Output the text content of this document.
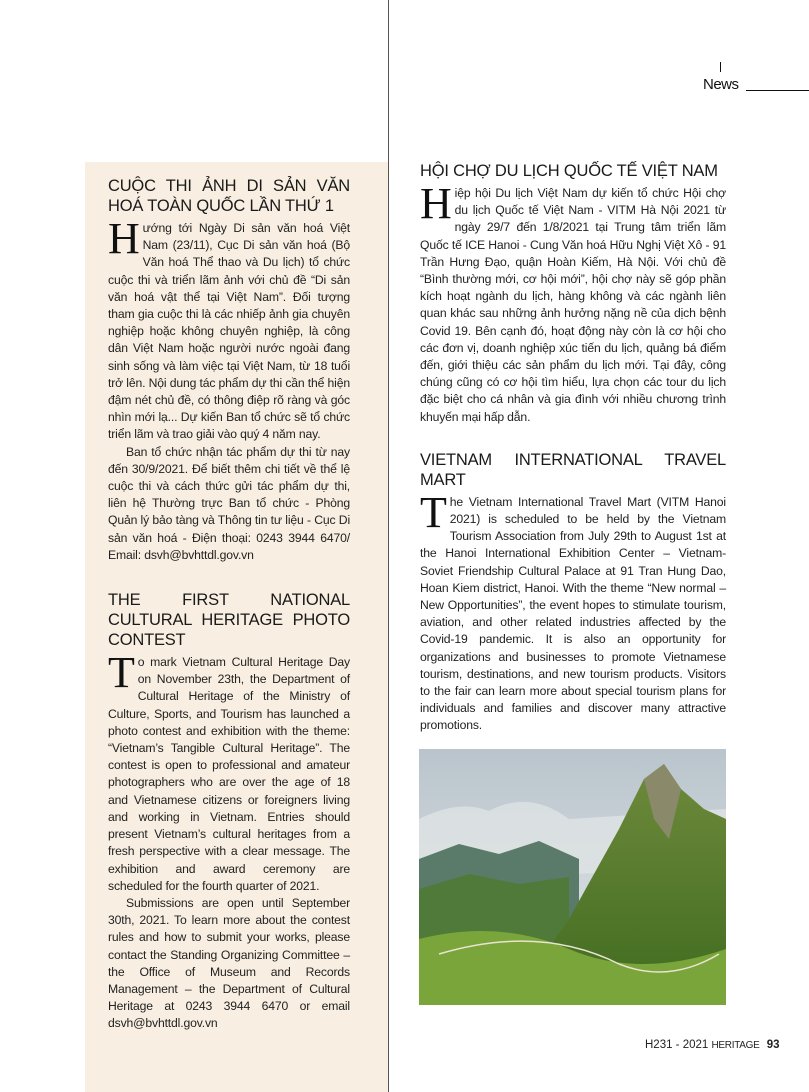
News
CUỘC THI ẢNH DI SẢN VĂN HOÁ TOÀN QUỐC LẦN THỨ 1

Hướng tới Ngày Di sản văn hoá Việt Nam (23/11), Cục Di sản văn hoá (Bộ Văn hoá Thể thao và Du lịch) tổ chức cuộc thi và triển lãm ảnh với chủ đề “Di sản văn hoá vật thể tại Việt Nam”. Đối tượng tham gia cuộc thi là các nhiếp ảnh gia chuyên nghiệp hoặc không chuyên nghiệp, là công dân Việt Nam hoặc người nước ngoài đang sinh sống và làm việc tại Việt Nam, từ 18 tuổi trở lên. Nội dung tác phẩm dự thi cần thể hiện đậm nét chủ đề, có thông điệp rõ ràng và góc nhìn mới lạ... Dự kiến Ban tổ chức sẽ tổ chức triển lãm và trao giải vào quý 4 năm nay.

Ban tổ chức nhận tác phẩm dự thi từ nay đến 30/9/2021. Để biết thêm chi tiết về thể lệ cuộc thi và cách thức gửi tác phẩm dự thi, liên hệ Thường trực Ban tổ chức - Phòng Quản lý bảo tàng và Thông tin tư liệu - Cục Di sản văn hoá - Điện thoại: 0243 3944 6470/ Email: dsvh@bvhttdl.gov.vn

THE FIRST NATIONAL CULTURAL HERITAGE PHOTO CONTEST

To mark Vietnam Cultural Heritage Day on November 23th, the Department of Cultural Heritage of the Ministry of Culture, Sports, and Tourism has launched a photo contest and exhibition with the theme: “Vietnam’s Tangible Cultural Heritage”. The contest is open to professional and amateur photographers who are over the age of 18 and Vietnamese citizens or foreigners living and working in Vietnam. Entries should present Vietnam’s cultural heritages from a fresh perspective with a clear message. The exhibition and award ceremony are scheduled for the fourth quarter of 2021.

Submissions are open until September 30th, 2021. To learn more about the contest rules and how to submit your works, please contact the Standing Organizing Committee – the Office of Museum and Records Management – the Department of Cultural Heritage at 0243 3944 6470 or email dsvh@bvhttdl.gov.vn

HỘI CHỢ DU LỊCH QUỐC TẾ VIỆT NAM

Hiệp hội Du lịch Việt Nam dự kiến tổ chức Hội chợ du lịch Quốc tế Việt Nam - VITM Hà Nội 2021 từ ngày 29/7 đến 1/8/2021 tại Trung tâm triển lãm Quốc tế ICE Hanoi - Cung Văn hoá Hữu Nghị Việt Xô - 91 Trần Hưng Đạo, quận Hoàn Kiếm, Hà Nội. Với chủ đề “Bình thường mới, cơ hội mới”, hội chợ này sẽ góp phần kích hoạt ngành du lịch, hàng không và các ngành liên quan khác sau những ảnh hưởng nặng nề của dịch bệnh Covid 19. Bên cạnh đó, hoạt động này còn là cơ hội cho các đơn vị, doanh nghiệp xúc tiến du lịch, quảng bá điểm đến, giới thiệu các sản phẩm du lịch mới. Tại đây, công chúng cũng có cơ hội tìm hiểu, lựa chọn các tour du lịch đặc biệt cho cá nhân và gia đình với nhiều chương trình khuyến mại hấp dẫn.

VIETNAM INTERNATIONAL TRAVEL MART

The Vietnam International Travel Mart (VITM Hanoi 2021) is scheduled to be held by the Vietnam Tourism Association from July 29th to August 1st at the Hanoi International Exhibition Center – Vietnam-Soviet Friendship Cultural Palace at 91 Tran Hung Dao, Hoan Kiem district, Hanoi. With the theme “New normal – New Opportunities”, the event hopes to stimulate tourism, aviation, and other related industries affected by the Covid-19 pandemic. It is also an opportunity for organizations and businesses to promote Vietnamese tourism, destinations, and new tourism products. Visitors to the fair can learn more about special tourism plans for individuals and families and discover many attractive promotions.

H231 - 2021 HERITAGE 93
